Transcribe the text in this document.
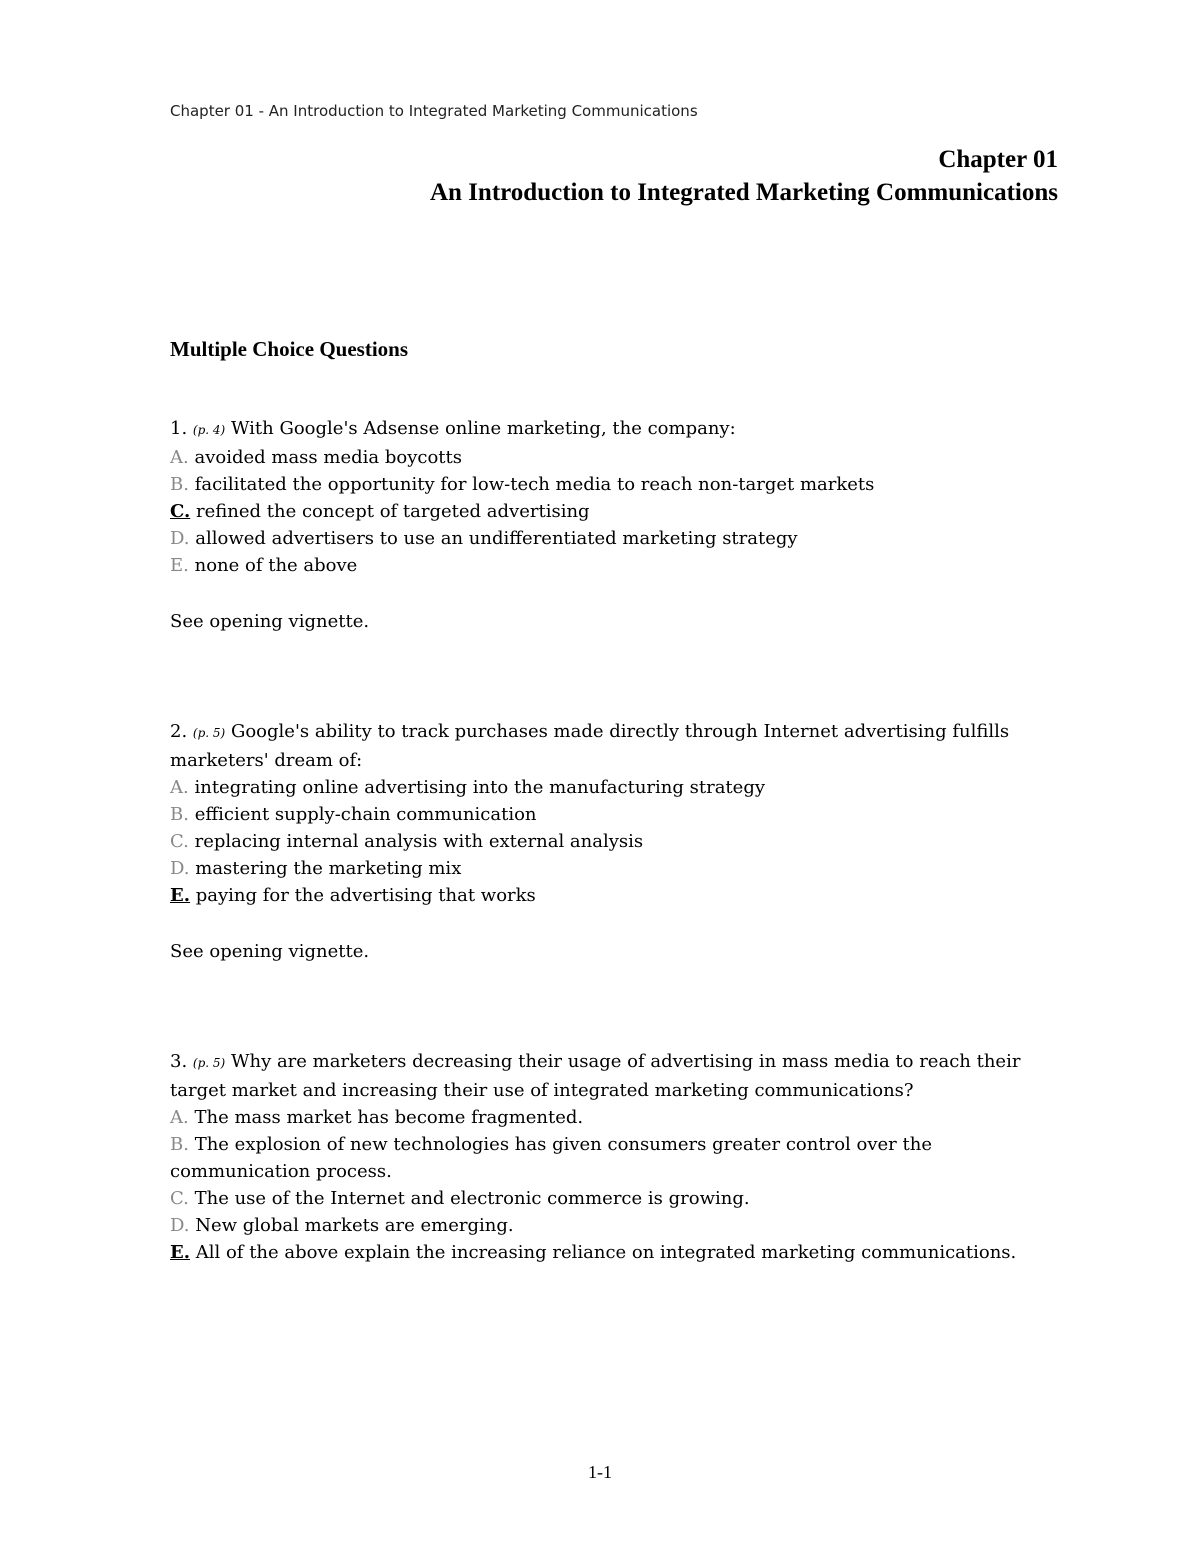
Chapter 01 - An Introduction to Integrated Marketing Communications
Chapter 01
An Introduction to Integrated Marketing Communications
Multiple Choice Questions
1. (p. 4) With Google's Adsense online marketing, the company:
A. avoided mass media boycotts
B. facilitated the opportunity for low-tech media to reach non-target markets
C. refined the concept of targeted advertising
D. allowed advertisers to use an undifferentiated marketing strategy
E. none of the above
See opening vignette.
2. (p. 5) Google's ability to track purchases made directly through Internet advertising fulfills marketers' dream of:
A. integrating online advertising into the manufacturing strategy
B. efficient supply-chain communication
C. replacing internal analysis with external analysis
D. mastering the marketing mix
E. paying for the advertising that works
See opening vignette.
3. (p. 5) Why are marketers decreasing their usage of advertising in mass media to reach their target market and increasing their use of integrated marketing communications?
A. The mass market has become fragmented.
B. The explosion of new technologies has given consumers greater control over the communication process.
C. The use of the Internet and electronic commerce is growing.
D. New global markets are emerging.
E. All of the above explain the increasing reliance on integrated marketing communications.
1-1
